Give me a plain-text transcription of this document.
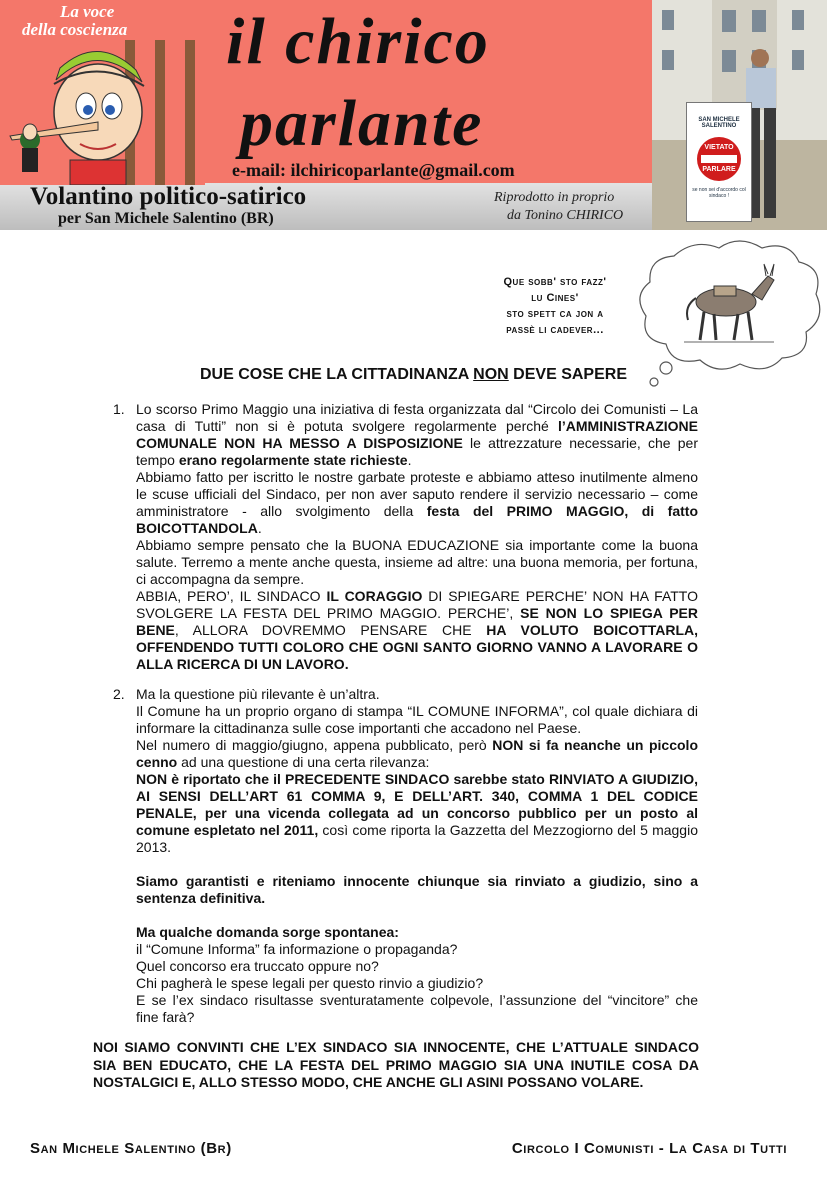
La voce
della coscienza il chirico
parlante
e-mail: ilchiricoparlante@gmail.com
Volantino politico-satirico
per San Michele Salentino (BR)
Riprodotto in proprio
da Tonino CHIRICO
SAN MICHELE SALENTINO
VIETATO
PARLARE
se non sei d'accordo col sindaco !
Que sobb' sto fazz'
lu Cines'
sto spett ca jon a
passè li cadever...
DUE COSE CHE LA CITTADINANZA NON DEVE SAPERE
1. Lo scorso Primo Maggio una iniziativa di festa organizzata dal “Circolo dei Comunisti – La casa di Tutti” non si è potuta svolgere regolarmente perché l’AMMINISTRAZIONE COMUNALE NON HA MESSO A DISPOSIZIONE le attrezzature necessarie, che per tempo erano regolarmente state richieste.

Abbiamo fatto per iscritto le nostre garbate proteste e abbiamo atteso inutilmente almeno le scuse ufficiali del Sindaco, per non aver saputo rendere il servizio necessario – come amministratore - allo svolgimento della festa del PRIMO MAGGIO, di fatto BOICOTTANDOLA.

Abbiamo sempre pensato che la BUONA EDUCAZIONE sia importante come la buona salute. Terremo a mente anche questa, insieme ad altre: una buona memoria, per fortuna, ci accompagna da sempre.

ABBIA, PERO’, IL SINDACO IL CORAGGIO DI SPIEGARE PERCHE’ NON HA FATTO SVOLGERE LA FESTA DEL PRIMO MAGGIO. PERCHE’, SE NON LO SPIEGA PER BENE, ALLORA DOVREMMO PENSARE CHE HA VOLUTO BOICOTTARLA, OFFENDENDO TUTTI COLORO CHE OGNI SANTO GIORNO VANNO A LAVORARE O ALLA RICERCA DI UN LAVORO.

2. Ma la questione più rilevante è un’altra.

Il Comune ha un proprio organo di stampa “IL COMUNE INFORMA”, col quale dichiara di informare la cittadinanza sulle cose importanti che accadono nel Paese.

Nel numero di maggio/giugno, appena pubblicato, però NON si fa neanche un piccolo cenno ad una questione di una certa rilevanza:

NON è riportato che il PRECEDENTE SINDACO sarebbe stato RINVIATO A GIUDIZIO, AI SENSI DELL’ART 61 COMMA 9, E DELL’ART. 340, COMMA 1 DEL CODICE PENALE, per una vicenda collegata ad un concorso pubblico per un posto al comune espletato nel 2011, così come riporta la Gazzetta del Mezzogiorno del 5 maggio 2013.

Siamo garantisti e riteniamo innocente chiunque sia rinviato a giudizio, sino a sentenza definitiva.

Ma qualche domanda sorge spontanea:

il “Comune Informa” fa informazione o propaganda?

Quel concorso era truccato oppure no?

Chi pagherà le spese legali per questo rinvio a giudizio?

E se l’ex sindaco risultasse sventuratamente colpevole, l’assunzione del “vincitore” che fine farà?

NOI SIAMO CONVINTI CHE L’EX SINDACO SIA INNOCENTE, CHE L’ATTUALE SINDACO SIA BEN EDUCATO, CHE LA FESTA DEL PRIMO MAGGIO SIA UNA INUTILE COSA DA NOSTALGICI E, ALLO STESSO MODO, CHE ANCHE GLI ASINI POSSANO VOLARE.
San Michele Salentino (Br)	Circolo I Comunisti - La Casa di Tutti
